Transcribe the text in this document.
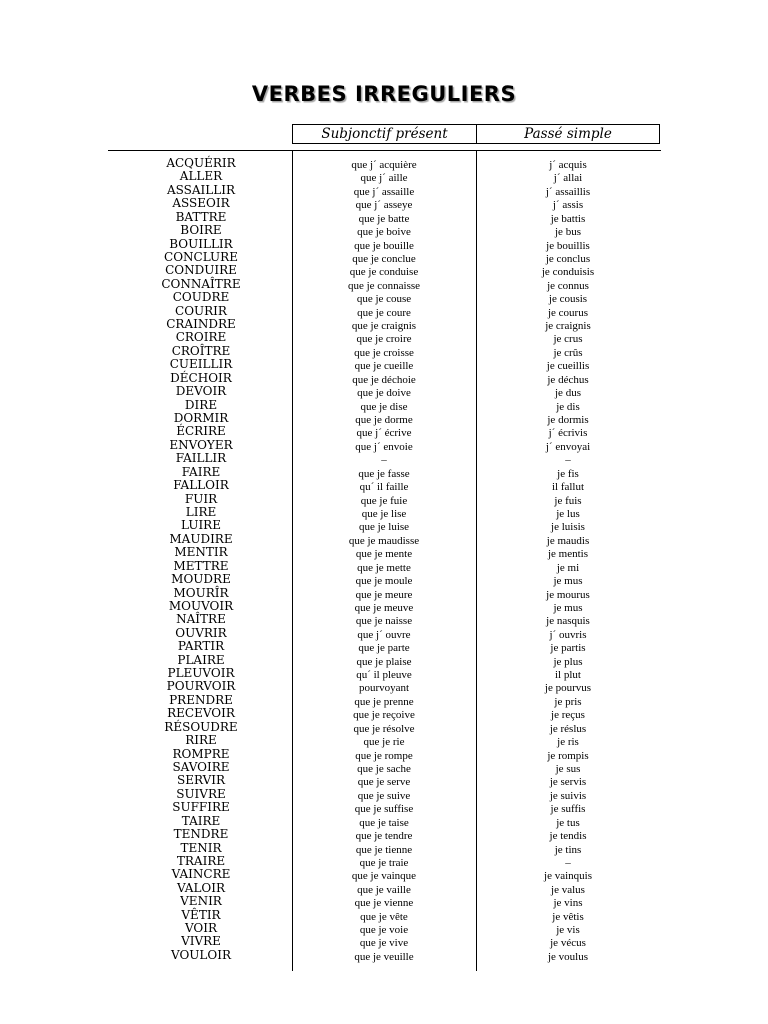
VERBES IRREGULIERS
Subjonctif présent	Passé simple
ACQUÉRIR	que j´ acquière	j´ acquis
ALLER	que j´ aille	j´ allai
ASSAILLIR	que j´ assaille	j´ assaillis
ASSEOIR	que j´ asseye	j´ assis
BATTRE	que je batte	je battis
BOIRE	que je boive	je bus
BOUILLIR	que je bouille	je bouillis
CONCLURE	que je conclue	je conclus
CONDUIRE	que je conduise	je conduisis
CONNAÎTRE	que je connaisse	je connus
COUDRE	que je couse	je cousis
COURIR	que je coure	je courus
CRAINDRE	que je craignis	je craignis
CROIRE	que je croire	je crus
CROÎTRE	que je croisse	je crûs
CUEILLIR	que je cueille	je cueillis
DÉCHOIR	que je déchoie	je déchus
DEVOIR	que je doive	je dus
DIRE	que je dise	je dis
DORMIR	que je dorme	je dormis
ÉCRIRE	que j´ écrive	j´ écrivis
ENVOYER	que j´ envoie	j´ envoyai
FAILLIR	–	–
FAIRE	que je fasse	je fis
FALLOIR	qu´ il faille	il fallut
FUIR	que je fuie	je fuis
LIRE	que je lise	je lus
LUIRE	que je luise	je luisis
MAUDIRE	que je maudisse	je maudis
MENTIR	que je mente	je mentis
METTRE	que je mette	je mi
MOUDRE	que je moule	je mus
MOURÎR	que je meure	je mourus
MOUVOIR	que je meuve	je mus
NAÎTRE	que je naisse	je nasquis
OUVRIR	que j´ ouvre	j´ ouvris
PARTIR	que je parte	je partis
PLAIRE	que je plaise	je plus
PLEUVOIR	qu´ il pleuve	il plut
POURVOIR	pourvoyant	je pourvus
PRENDRE	que je prenne	je pris
RECEVOIR	que je reçoive	je reçus
RÉSOUDRE	que je résolve	je réslus
RIRE	que je rie	je ris
ROMPRE	que je rompe	je rompis
SAVOIRE	que je sache	je sus
SERVIR	que je serve	je servis
SUIVRE	que je suive	je suivis
SUFFIRE	que je suffise	je suffis
TAIRE	que je taise	je tus
TENDRE	que je tendre	je tendis
TENIR	que je tienne	je tins
TRAIRE	que je traie	–
VAINCRE	que je vainque	je vainquis
VALOIR	que je vaille	je valus
VENIR	que je vienne	je vins
VÊTIR	que je vête	je vêtis
VOIR	que je voie	je vis
VIVRE	que je vive	je vécus
VOULOIR	que je veuille	je voulus
